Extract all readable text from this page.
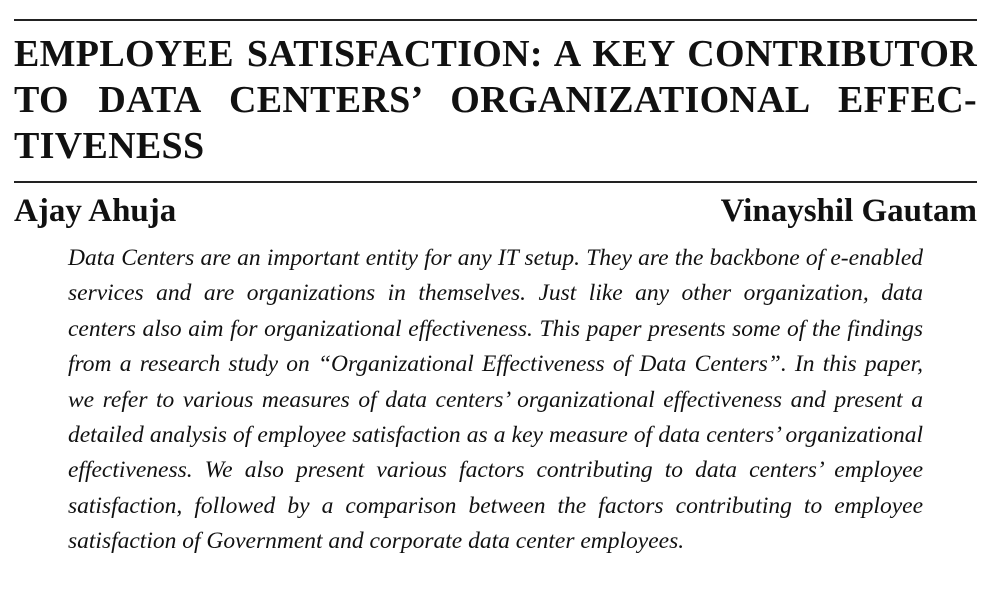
EMPLOYEE SATISFACTION: A KEY CONTRIBUTOR TO DATA CENTERS’ ORGANIZATIONAL EFFEC-TIVENESS
Ajay Ahuja	Vinayshil Gautam

Data Centers are an important entity for any IT setup. They are the backbone of e-enabled services and are organizations in themselves. Just like any other organization, data centers also aim for organizational effectiveness. This paper presents some of the findings from a research study on “Organizational Effectiveness of Data Centers”. In this paper, we refer to various measures of data centers’ organizational effectiveness and present a detailed analysis of employee satisfaction as a key measure of data centers’ organizational effectiveness. We also present various factors contributing to data centers’ employee satisfaction, followed by a comparison between the factors contributing to employee satisfaction of Government and corporate data center employees.
